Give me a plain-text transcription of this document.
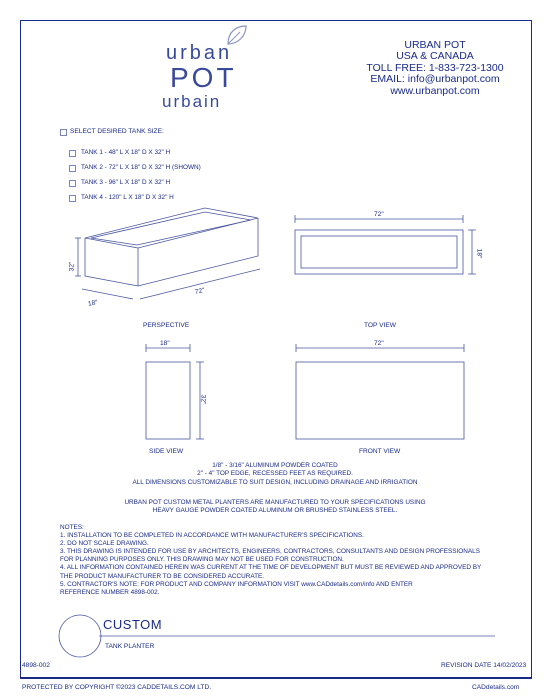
urban
POT
urbain
URBAN POT
USA & CANADA
TOLL FREE: 1-833-723-1300
EMAIL: info@urbanpot.com
www.urbanpot.com
SELECT DESIRED TANK SIZE:
TANK 1 - 48" L X 18" D X 32" H
TANK 2 - 72" L X 18" D X 32" H (SHOWN)
TANK 3 - 96" L X 18" D X 32" H
TANK 4 - 120" L X 18" D X 32" H
32"
18"
72"
72"
18"
18"
32"
72"
PERSPECTIVE	TOP VIEW
SIDE VIEW	FRONT VIEW
1/8" - 3/16" ALUMINUM POWDER COATED
2" - 4" TOP EDGE, RECESSED FEET AS REQUIRED.
ALL DIMENSIONS CUSTOMIZABLE TO SUIT DESIGN, INCLUDING DRAINAGE AND IRRIGATION
URBAN POT CUSTOM METAL PLANTERS ARE MANUFACTURED TO YOUR SPECIFICATIONS USING
HEAVY GAUGE POWDER COATED ALUMINUM OR BRUSHED STAINLESS STEEL.
NOTES:
1. INSTALLATION TO BE COMPLETED IN ACCORDANCE WITH MANUFACTURER'S SPECIFICATIONS.
2. DO NOT SCALE DRAWING.
3. THIS DRAWING IS INTENDED FOR USE BY ARCHITECTS, ENGINEERS, CONTRACTORS, CONSULTANTS AND DESIGN PROFESSIONALS
FOR PLANNING PURPOSES ONLY. THIS DRAWING MAY NOT BE USED FOR CONSTRUCTION.
4. ALL INFORMATION CONTAINED HEREIN WAS CURRENT AT THE TIME OF DEVELOPMENT BUT MUST BE REVIEWED AND APPROVED BY
THE PRODUCT MANUFACTURER TO BE CONSIDERED ACCURATE.
5. CONTRACTOR'S NOTE: FOR PRODUCT AND COMPANY INFORMATION VISIT www.CADdetails.com/info AND ENTER
REFERENCE NUMBER 4898-002.
CUSTOM
TANK PLANTER
4898-002	REVISION DATE 14/02/2023
PROTECTED BY COPYRIGHT ©2023 CADDETAILS.COM LTD.	CADdetails.com
